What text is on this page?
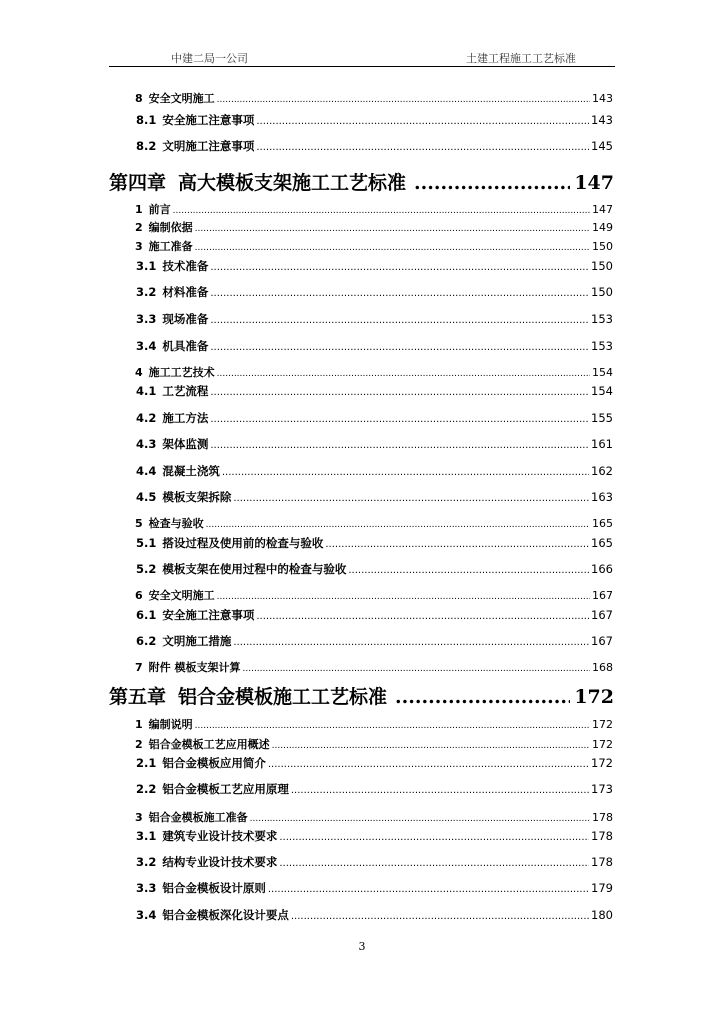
中建二局一公司	土建工程施工工艺标准
8 安全文明施工 .....	143
8.1 安全施工注意事项 .....	143
8.2 文明施工注意事项 .....	145
第四章 高大模板支架施工工艺标准 .....	147
1 前言 .....	147
2 编制依据 .....	149
3 施工准备 .....	150
3.1 技术准备 .....	150
3.2 材料准备 .....	150
3.3 现场准备 .....	153
3.4 机具准备 .....	153
4 施工工艺技术 .....	154
4.1 工艺流程 .....	154
4.2 施工方法 .....	155
4.3 架体监测 .....	161
4.4 混凝土浇筑 .....	162
4.5 模板支架拆除 .....	163
5 检查与验收 .....	165
5.1 搭设过程及使用前的检查与验收 .....	165
5.2 模板支架在使用过程中的检查与验收 .....	166
6 安全文明施工 .....	167
6.1 安全施工注意事项 .....	167
6.2 文明施工措施 .....	167
7 附件 模板支架计算 .....	168
第五章 铝合金模板施工工艺标准 .....	172
1 编制说明 .....	172
2 铝合金模板工艺应用概述 .....	172
2.1 铝合金模板应用简介 .....	172
2.2 铝合金模板工艺应用原理 .....	173
3 铝合金模板施工准备 .....	178
3.1 建筑专业设计技术要求 .....	178
3.2 结构专业设计技术要求 .....	178
3.3 铝合金模板设计原则 .....	179
3.4 铝合金模板深化设计要点 .....	180
3
